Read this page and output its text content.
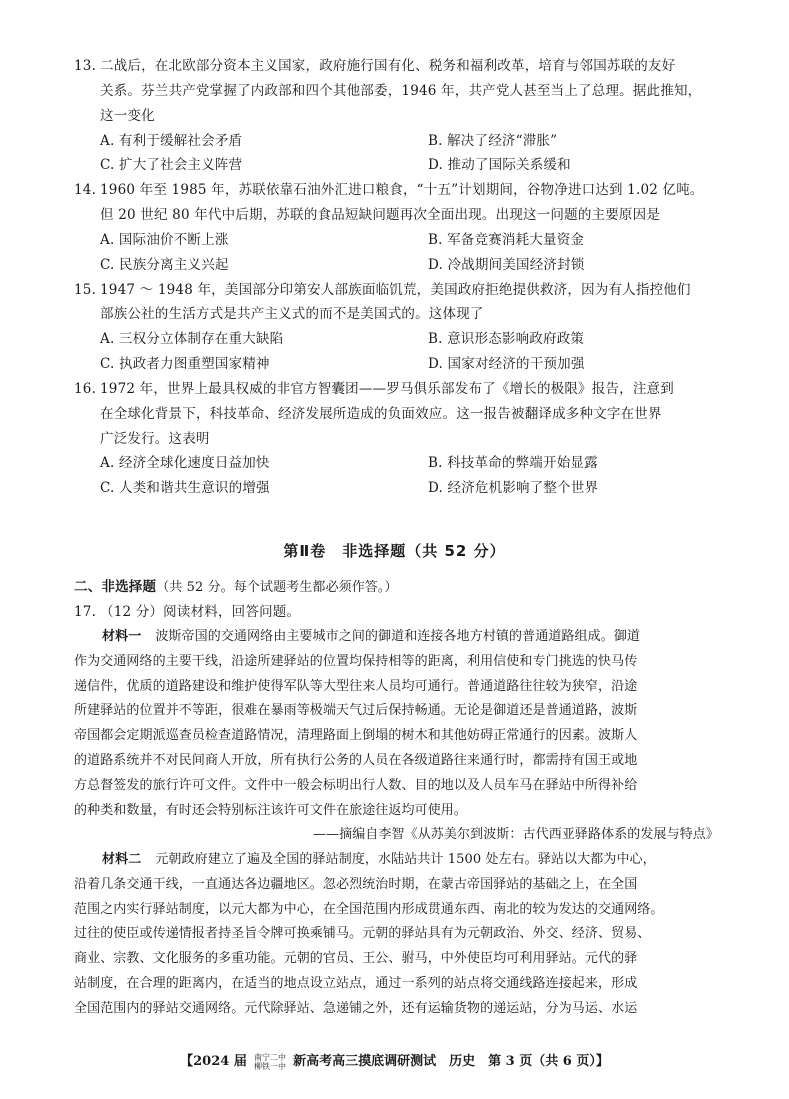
13. 二战后，在北欧部分资本主义国家，政府施行国有化、税务和福利改革，培育与邻国苏联的友好
关系。芬兰共产党掌握了内政部和四个其他部委，1946 年，共产党人甚至当上了总理。据此推知，
这一变化
A. 有利于缓解社会矛盾	B. 解决了经济“滞胀”
C. 扩大了社会主义阵营	D. 推动了国际关系缓和
14. 1960 年至 1985 年，苏联依靠石油外汇进口粮食，“十五”计划期间，谷物净进口达到 1.02 亿吨。
但 20 世纪 80 年代中后期，苏联的食品短缺问题再次全面出现。出现这一问题的主要原因是
A. 国际油价不断上涨	B. 军备竞赛消耗大量资金
C. 民族分离主义兴起	D. 冷战期间美国经济封锁
15. 1947 ～ 1948 年，美国部分印第安人部族面临饥荒，美国政府拒绝提供救济，因为有人指控他们
部族公社的生活方式是共产主义式的而不是美国式的。这体现了
A. 三权分立体制存在重大缺陷	B. 意识形态影响政府政策
C. 执政者力图重塑国家精神	D. 国家对经济的干预加强
16. 1972 年，世界上最具权威的非官方智囊团——罗马俱乐部发布了《增长的极限》报告，注意到
在全球化背景下，科技革命、经济发展所造成的负面效应。这一报告被翻译成多种文字在世界
广泛发行。这表明
A. 经济全球化速度日益加快	B. 科技革命的弊端开始显露
C. 人类和谐共生意识的增强	D. 经济危机影响了整个世界
第Ⅱ卷　非选择题（共 52 分）
二、非选择题（共 52 分。每个试题考生都必须作答。）
17. （12 分）阅读材料，回答问题。
材料一 波斯帝国的交通网络由主要城市之间的御道和连接各地方村镇的普通道路组成。御道
作为交通网络的主要干线，沿途所建驿站的位置均保持相等的距离，利用信使和专门挑选的快马传
递信件，优质的道路建设和维护使得军队等大型往来人员均可通行。普通道路往往较为狭窄，沿途
所建驿站的位置并不等距，很难在暴雨等极端天气过后保持畅通。无论是御道还是普通道路，波斯
帝国都会定期派巡查员检查道路情况，清理路面上倒塌的树木和其他妨碍正常通行的因素。波斯人
的道路系统并不对民间商人开放，所有执行公务的人员在各级道路往来通行时，都需持有国王或地
方总督签发的旅行许可文件。文件中一般会标明出行人数、目的地以及人员车马在驿站中所得补给
的种类和数量，有时还会特别标注该许可文件在旅途往返均可使用。
——摘编自李智《从苏美尔到波斯：古代西亚驿路体系的发展与特点》
材料二 元朝政府建立了遍及全国的驿站制度，水陆站共计 1500 处左右。驿站以大都为中心，
沿着几条交通干线，一直通达各边疆地区。忽必烈统治时期，在蒙古帝国驿站的基础之上，在全国
范围之内实行驿站制度，以元大都为中心，在全国范围内形成贯通东西、南北的较为发达的交通网络。
过往的使臣或传递情报者持圣旨令牌可换乘铺马。元朝的驿站具有为元朝政治、外交、经济、贸易、
商业、宗教、文化服务的多重功能。元朝的官员、王公、驸马，中外使臣均可利用驿站。元代的驿
站制度，在合理的距离内，在适当的地点设立站点，通过一系列的站点将交通线路连接起来，形成
全国范围内的驿站交通网络。元代除驿站、急递铺之外，还有运输货物的递运站，分为马运、水运
【2024 届 南宁二中
柳铁一中 新高考高三摸底调研测试　历史　第 3 页（共 6 页）】
